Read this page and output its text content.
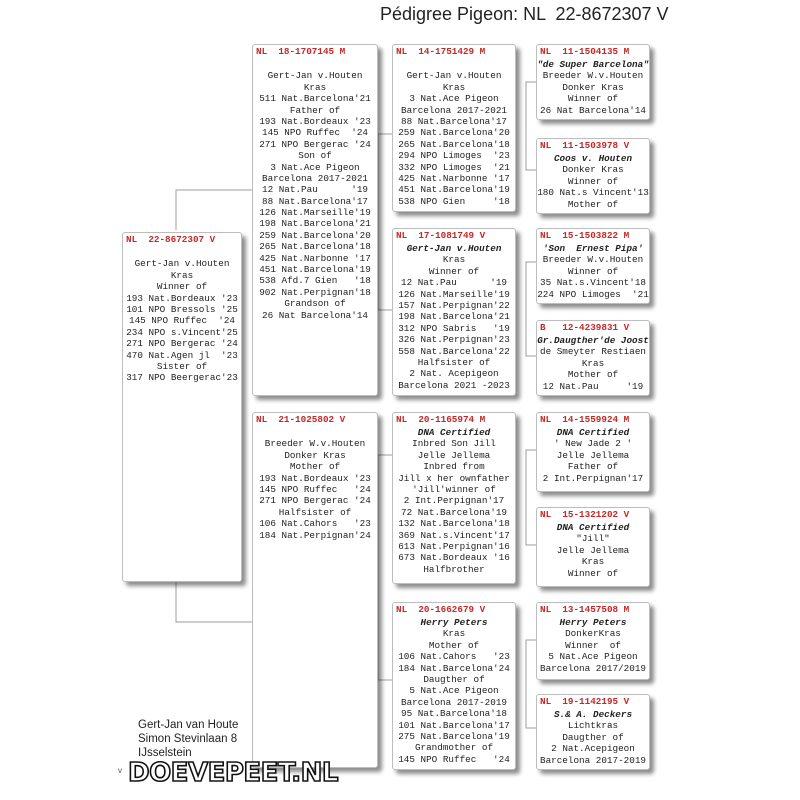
Pédigree Pigeon: NL  22-8672307 V
NL  22-8672307 V
Gert-Jan v.Houten
Kras
Winner of
193 Nat.Bordeaux '23
101 NPO Bressols '25
145 NPO Ruffec  '24
234 NPO s.Vincent'25
271 NPO Bergerac '24
470 Nat.Agen jl  '23
Sister of
317 NPO Beergerac'23
NL  18-1707145 M
Gert-Jan v.Houten
Kras
511 Nat.Barcelona'21
Father of
193 Nat.Bordeaux '23
145 NPO Ruffec  '24
271 NPO Bergerac '24
Son of
3 Nat.Ace Pigeon
Barcelona 2017-2021
12 Nat.Pau      '19
88 Nat.Barcelona'17
126 Nat.Marseille'19
198 Nat.Barcelona'21
259 Nat.Barcelona'20
265 Nat.Barcelona'18
425 Nat.Narbonne '17
451 Nat.Barcelona'19
538 Afd.7 Gien   '18
902 Nat.Perpignan'18
Grandson of
26 Nat Barcelona'14
NL  21-1025802 V
Breeder W.v.Houten
Donker Kras
Mother of
193 Nat.Bordeaux '23
145 NPO Ruffec   '24
271 NPO Bergerac '24
Halfsister of
106 Nat.Cahors   '23
184 Nat.Perpignan'24
NL  14-1751429 M
Gert-Jan v.Houten
Kras
3 Nat.Ace Pigeon
Barcelona 2017-2021
88 Nat.Barcelona'17
259 Nat.Barcelona'20
265 Nat.Barcelona'18
294 NPO Limoges  '23
332 NPO Limoges  '21
425 Nat.Narbonne '17
451 Nat.Barcelona'19
538 NPO Gien     '18
NL  17-1081749 V
Gert-Jan v.Houten
Kras
Winner of
12 Nat.Pau      '19
126 Nat.Marseille'19
157 Nat.Perpignan'22
198 Nat.Barcelona'21
312 NPO Sabris   '19
326 Nat.Perpignan'23
558 Nat.Barcelona'22
Halfsister of
2 Nat. Acepigeon
Barcelona 2021 -2023
NL  20-1165974 M
DNA Certified
Inbred Son Jill
Jelle Jellema
Inbred from
Jill x her ownfather
'Jill'winner of
2 Int.Perpignan'17
72 Nat.Barcelona'19
132 Nat.Barcelona'18
369 Nat.s.Vincent'17
613 Nat.Perpignan'16
673 Nat.Bordeaux '16
Halfbrother
NL  20-1662679 V
Herry Peters
Kras
Mother of
106 Nat.Cahors   '23
184 Nat.Barcelona'24
Daugther of
5 Nat.Ace Pigeon
Barcelona 2017-2019
95 Nat.Barcelona'18
101 Nat.Barcelona'17
275 Nat.Barcelona'19
Grandmother of
145 NPO Ruffec   '24
NL  11-1504135 M
"de Super Barcelona"
Breeder W.v.Houten
Donker Kras
Winner of
26 Nat Barcelona'14
NL  11-1503978 V
Coos v. Houten
Donker Kras
Winner of
180 Nat.s Vincent'13
Mother of
NL  15-1503822 M
'Son  Ernest Pipa'
Breeder W.v.Houten
Winner of
35 Nat.s.Vincent'18
224 NPO Limoges  '21
B   12-4239831 V
Gr.Daugther'de Joost
de Smeyter Restiaen
Kras
Mother of
12 Nat.Pau     '19
NL  14-1559924 M
DNA Certified
' New Jade 2 '
Jelle Jellema
Father of
2 Int.Perpignan'17
NL  15-1321202 V
DNA Certified
"Jill"
Jelle Jellema
Kras
Winner of
NL  13-1457508 M
Herry Peters
DonkerKras
Winner  of
5 Nat.Ace Pigeon
Barcelona 2017/2019
NL  19-1142195 V
S.& A. Deckers
Lichtkras
Daugther of
2 Nat.Acepigeon
Barcelona 2017-2019
Gert-Jan van Houte
Simon Stevinlaan 8
IJsselstein
v DOEVEPEET.NL
